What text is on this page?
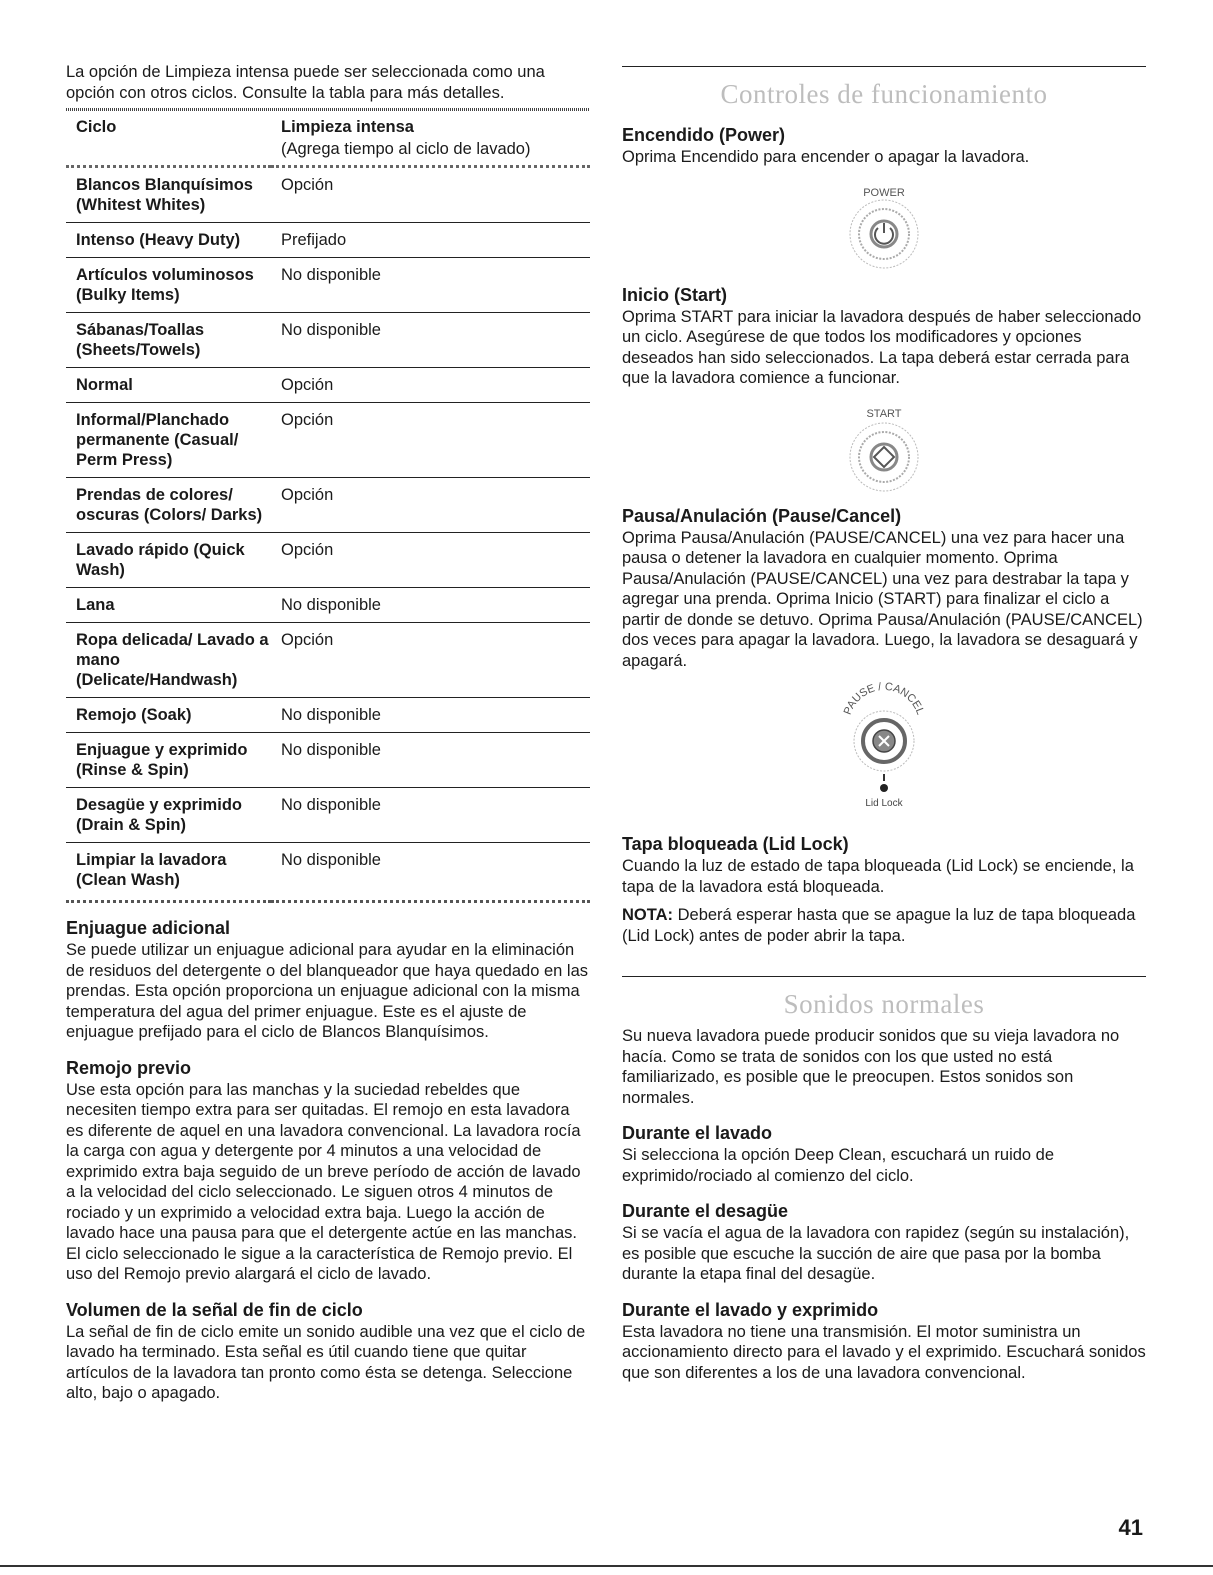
La opción de Limpieza intensa puede ser seleccionada como una opción con otros ciclos. Consulte la tabla para más detalles.

Ciclo	Limpieza intensa
	(Agrega tiempo al ciclo de lavado)
Blancos Blanquísimos (Whitest Whites)	Opción
Intenso (Heavy Duty)	Prefijado
Artículos voluminosos (Bulky Items)	No disponible
Sábanas/Toallas (Sheets/Towels)	No disponible
Normal	Opción
Informal/Planchado permanente (Casual/ Perm Press)	Opción
Prendas de colores/ oscuras (Colors/ Darks)	Opción
Lavado rápido (Quick Wash)	Opción
Lana	No disponible
Ropa delicada/ Lavado a mano (Delicate/Handwash)	Opción
Remojo (Soak)	No disponible
Enjuague y exprimido (Rinse & Spin)	No disponible
Desagüe y exprimido (Drain & Spin)	No disponible
Limpiar la lavadora (Clean Wash)	No disponible
Enjuague adicional

Se puede utilizar un enjuague adicional para ayudar en la eliminación de residuos del detergente o del blanqueador que haya quedado en las prendas. Esta opción proporciona un enjuague adicional con la misma temperatura del agua del primer enjuague. Este es el ajuste de enjuague prefijado para el ciclo de Blancos Blanquísimos.

Remojo previo

Use esta opción para las manchas y la suciedad rebeldes que necesiten tiempo extra para ser quitadas. El remojo en esta lavadora es diferente de aquel en una lavadora convencional. La lavadora rocía la carga con agua y detergente por 4 minutos a una velocidad de exprimido extra baja seguido de un breve período de acción de lavado a la velocidad del ciclo seleccionado. Le siguen otros 4 minutos de rociado y un exprimido a velocidad extra baja. Luego la acción de lavado hace una pausa para que el detergente actúe en las manchas. El ciclo seleccionado le sigue a la característica de Remojo previo. El uso del Remojo previo alargará el ciclo de lavado.

Volumen de la señal de fin de ciclo

La señal de fin de ciclo emite un sonido audible una vez que el ciclo de lavado ha terminado. Esta señal es útil cuando tiene que quitar artículos de la lavadora tan pronto como ésta se detenga. Seleccione alto, bajo o apagado.

Controles de funcionamiento
Encendido (Power)

Oprima Encendido para encender o apagar la lavadora.

POWER
Inicio (Start)

Oprima START para iniciar la lavadora después de haber seleccionado un ciclo. Asegúrese de que todos los modificadores y opciones deseados han sido seleccionados. La tapa deberá estar cerrada para que la lavadora comience a funcionar.

START
Pausa/Anulación (Pause/Cancel)

Oprima Pausa/Anulación (PAUSE/CANCEL) una vez para hacer una pausa o detener la lavadora en cualquier momento. Oprima Pausa/Anulación (PAUSE/CANCEL) una vez para destrabar la tapa y agregar una prenda. Oprima Inicio (START) para finalizar el ciclo a partir de donde se detuvo. Oprima Pausa/Anulación (PAUSE/CANCEL) dos veces para apagar la lavadora. Luego, la lavadora se desaguará y apagará.

PAUSE / CANCEL
Lid Lock
Tapa bloqueada (Lid Lock)

Cuando la luz de estado de tapa bloqueada (Lid Lock) se enciende, la tapa de la lavadora está bloqueada.

NOTA: Deberá esperar hasta que se apague la luz de tapa bloqueada (Lid Lock) antes de poder abrir la tapa.

Sonidos normales

Su nueva lavadora puede producir sonidos que su vieja lavadora no hacía. Como se trata de sonidos con los que usted no está familiarizado, es posible que le preocupen. Estos sonidos son normales.

Durante el lavado

Si selecciona la opción Deep Clean, escuchará un ruido de exprimido/rociado al comienzo del ciclo.

Durante el desagüe

Si se vacía el agua de la lavadora con rapidez (según su instalación), es posible que escuche la succión de aire que pasa por la bomba durante la etapa final del desagüe.

Durante el lavado y exprimido

Esta lavadora no tiene una transmisión. El motor suministra un accionamiento directo para el lavado y el exprimido. Escuchará sonidos que son diferentes a los de una lavadora convencional.

41
